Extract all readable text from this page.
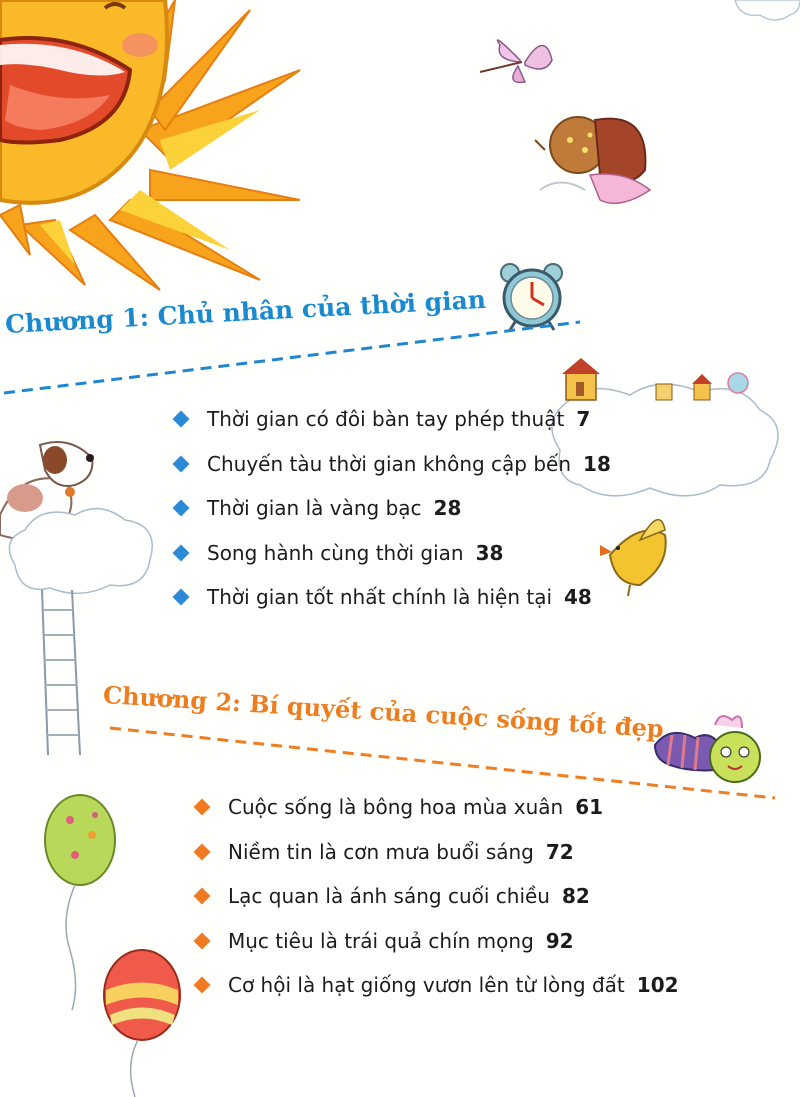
Chương 1: Chủ nhân của thời gian
Thời gian có đôi bàn tay phép thuật 7
Chuyến tàu thời gian không cập bến 18
Thời gian là vàng bạc 28
Song hành cùng thời gian 38
Thời gian tốt nhất chính là hiện tại 48
Chương 2: Bí quyết của cuộc sống tốt đẹp
Cuộc sống là bông hoa mùa xuân 61
Niềm tin là cơn mưa buổi sáng 72
Lạc quan là ánh sáng cuối chiều 82
Mục tiêu là trái quả chín mọng 92
Cơ hội là hạt giống vươn lên từ lòng đất 102
